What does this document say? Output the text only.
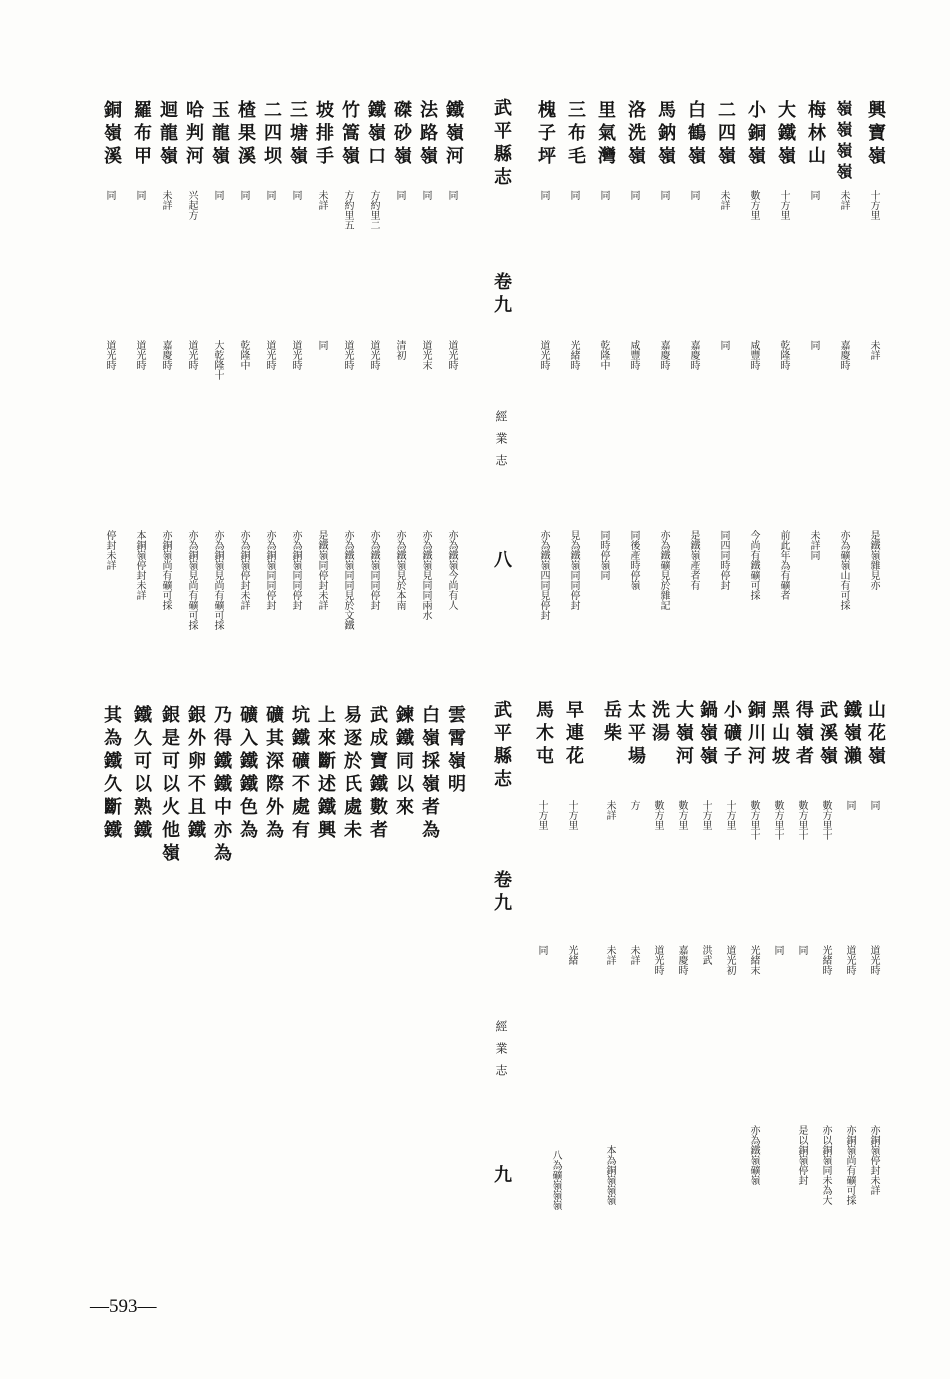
武平縣志
卷九
經業志
八
武平縣志
卷九
經業志
九
興寶嶺
十方里
未詳
嶺嶺嶺嶺
未詳
嘉慶時
梅林山
同
同
大鐵嶺
十方里
乾隆時
小銅嶺
數方里
咸豐時
二四嶺
未詳
同
白鶴嶺
同
嘉慶時
馬鈉嶺
同
嘉慶時
洛洗嶺
同
咸豐時
里氣灣
同
乾隆中
三布毛
同
光緒時
槐子坪
同
道光時
是鐵嶺雜見亦
亦為礦嶺山有可採
未詳同
前此年為有礦者
今尚有鐵礦可採
同四同時停封
是鐵嶺產者有
亦為鐵礦見於雜記
同後產時停嶺
同時停嶺同
見為鐵嶺同同停封
亦為鐵嶺四同見停封
鐵嶺河
同
道光時
法路嶺
同
道光末
磔砂嶺
同
清初
鐵嶺口
方約里二
道光時
竹篙嶺
方約里五
道光時
坡排手
未詳
同
三塘嶺
同
道光時
二四坝
同
道光時
楂果溪
同
乾隆中
玉龍嶺
同
大乾隆十
哈判河
兴起方
道光時
迴龍嶺
未詳
嘉慶時
羅布甲
同
道光時
銅嶺溪
同
道光時
亦為鐵嶺今尚有人
亦為鐵嶺見同同兩水
亦為鐵嶺見於本南
亦為鐵嶺同同停封
亦為鐵嶺同同見於文鐵
是鐵嶺同停封未詳
亦為銅嶺同同停封
亦為銅嶺同同停封
亦為銅嶺停封未詳
亦為銅嶺見尚有礦可採
亦為銅嶺見尚有礦可採
亦銅嶺尚有礦可採
本銅嶺停封未詳
停封未詳
山花嶺
同
道光時
鐵嶺瀨
同
道光時
武溪嶺
數方里十
光緒時
得嶺者
數方里十
同
黑山坡
數方里十
同
銅川河
數方里十
光緒末
小礦子
十方里
道光初
鍋嶺嶺
十方里
洪武
大嶺河
數方里
嘉慶時
洗湯
數方里
道光時
太平場
方
未詳
岳柴
未詳
未詳
早連花
十方里
光緒
馬木屯
十方里
同
亦銅嶺停封未詳
亦銅嶺尚有礦可採
亦以銅嶺同未為大
是以銅嶺停封
亦為鐵嶺礦嶺
本為銅嶺嶺嶺
八為礦嶺嶺嶺
雲霄嶺明
白嶺採嶺者為
鍊鐵同以來
武成寶鐵數者
易逐於氏處未
上來斷述鐵興
坑鐵礦不處有
礦其深際外為
礦入鐵鐵色為
乃得鐵鐵中亦為
銀外卵不且鐵
銀是可以火他嶺
鐵久可以熟鐵
其為鐵久斷鐵
—593—
